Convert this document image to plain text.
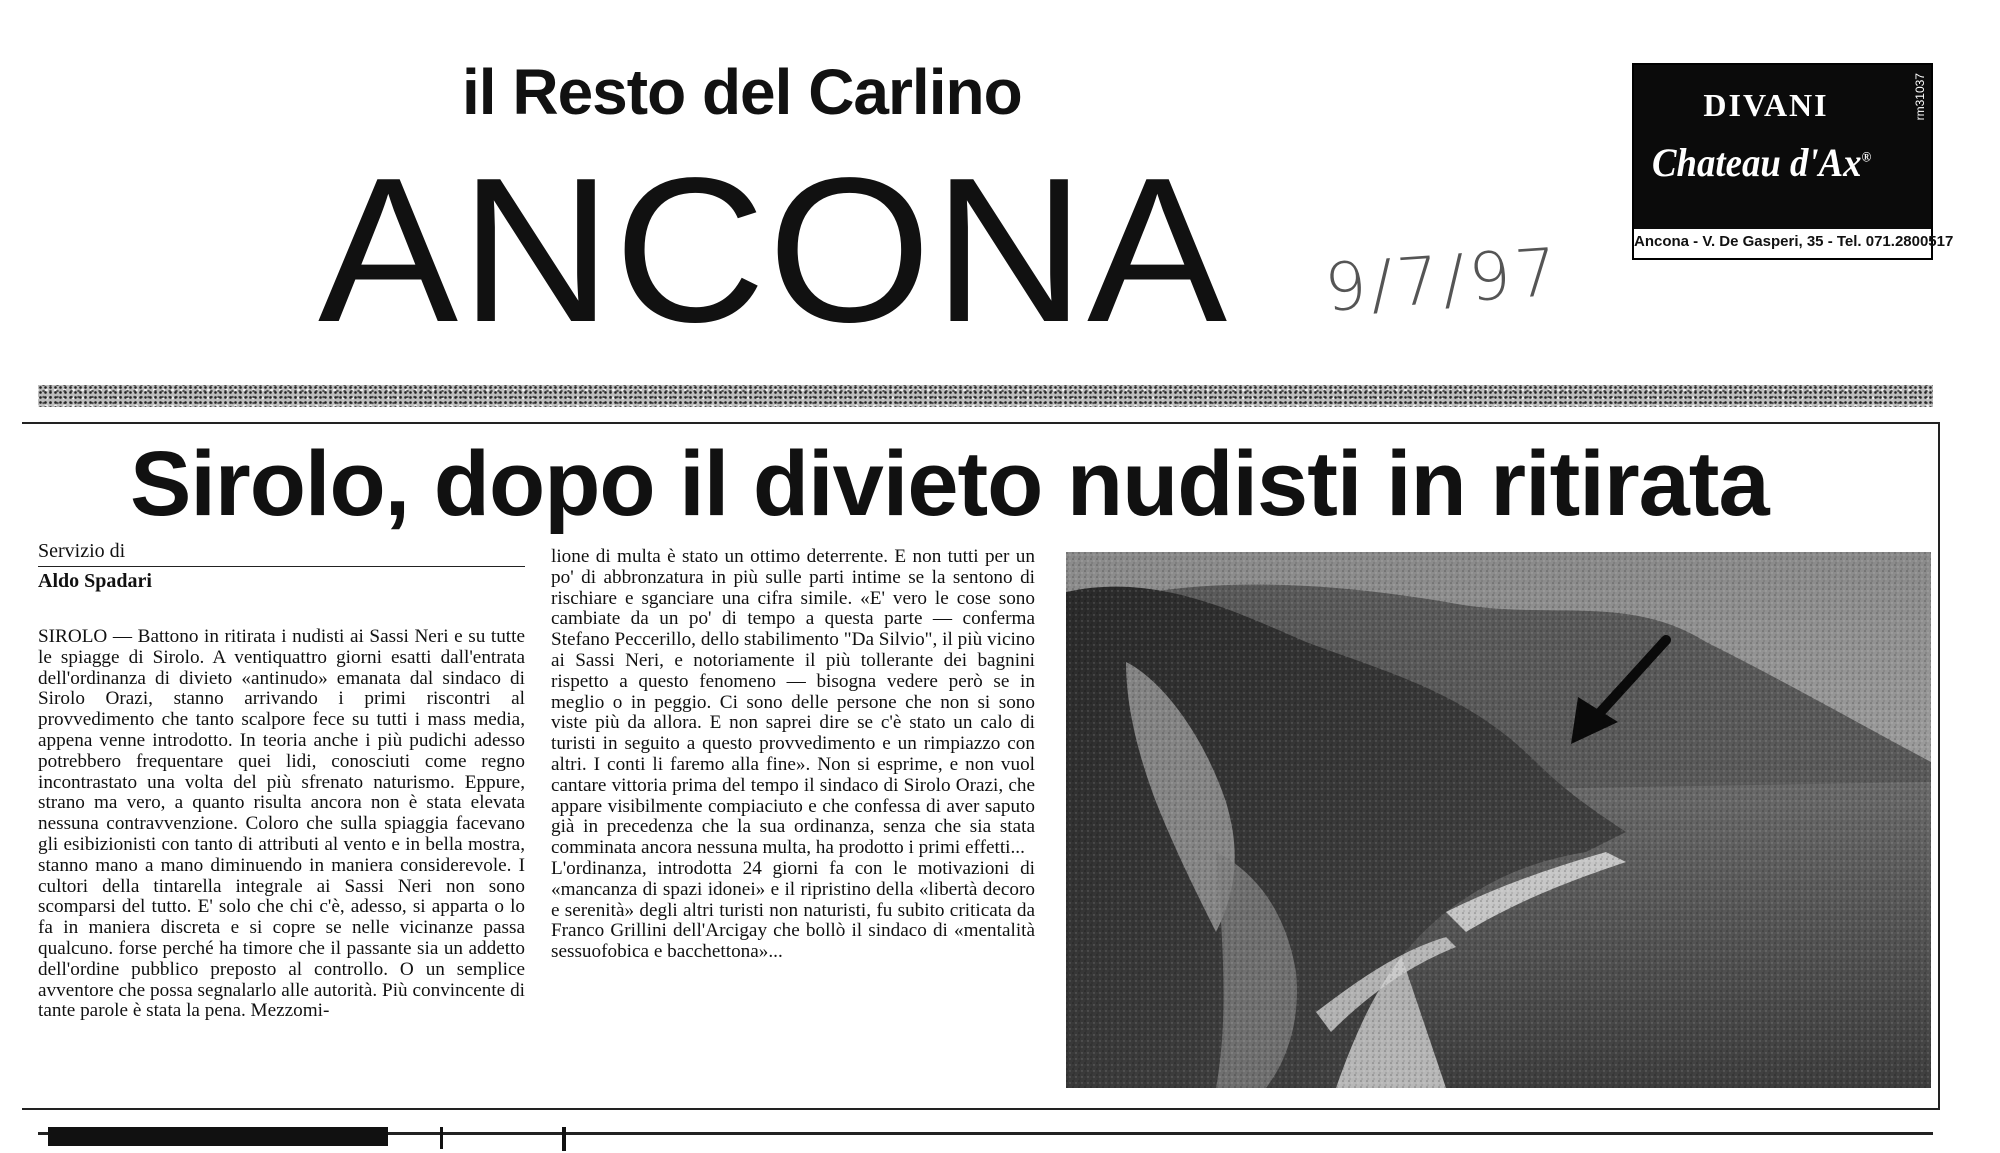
il Resto del Carlino
ANCONA 9/7/97
DIVANI
Chateau d'Ax®
rm31037
Ancona - V. De Gasperi, 35 - Tel. 071.2800517
Sirolo, dopo il divieto nudisti in ritirata
Servizio di
Aldo Spadari

SIROLO — Battono in ritirata i nudisti ai Sassi Neri e su tutte le spiagge di Sirolo. A ventiquattro giorni esatti dall'entrata dell'ordinanza di divieto «antinudo» emanata dal sindaco di Sirolo Orazi, stanno arrivando i primi riscontri al provvedimento che tanto scalpore fece su tutti i mass media, appena venne introdotto. In teoria anche i più pudichi adesso potrebbero frequentare quei lidi, conosciuti come regno incontrastato una volta del più sfrenato naturismo. Eppure, strano ma vero, a quanto risulta ancora non è stata elevata nessuna contravvenzione. Coloro che sulla spiaggia facevano gli esibizionisti con tanto di attributi al vento e in bella mostra, stanno mano a mano diminuendo in maniera considerevole. I cultori della tintarella integrale ai Sassi Neri non sono scomparsi del tutto. E' solo che chi c'è, adesso, si apparta o lo fa in maniera discreta e si copre se nelle vicinanze passa qualcuno. forse perché ha timore che il passante sia un addetto dell'ordine pubblico preposto al controllo. O un semplice avventore che possa segnalarlo alle autorità. Più convincente di tante parole è stata la pena. Mezzomi-

lione di multa è stato un ottimo deterrente. E non tutti per un po' di abbronzatura in più sulle parti intime se la sentono di rischiare e sganciare una cifra simile. «E' vero le cose sono cambiate da un po' di tempo a questa parte — conferma Stefano Peccerillo, dello stabilimento "Da Silvio", il più vicino ai Sassi Neri, e notoriamente il più tollerante dei bagnini rispetto a questo fenomeno — bisogna vedere però se in meglio o in peggio. Ci sono delle persone che non si sono viste più da allora. E non saprei dire se c'è stato un calo di turisti in seguito a questo provvedimento e un rimpiazzo con altri. I conti li faremo alla fine». Non si esprime, e non vuol cantare vittoria prima del tempo il sindaco di Sirolo Orazi, che appare visibilmente compiaciuto e che confessa di aver saputo già in precedenza che la sua ordinanza, senza che sia stata comminata ancora nessuna multa, ha prodotto i primi effetti...

L'ordinanza, introdotta 24 giorni fa con le motivazioni di «mancanza di spazi idonei» e il ripristino della «libertà decoro e serenità» degli altri turisti non naturisti, fu subito criticata da Franco Grillini dell'Arcigay che bollò il sindaco di «mentalità sessuofobica e bacchettona»...
